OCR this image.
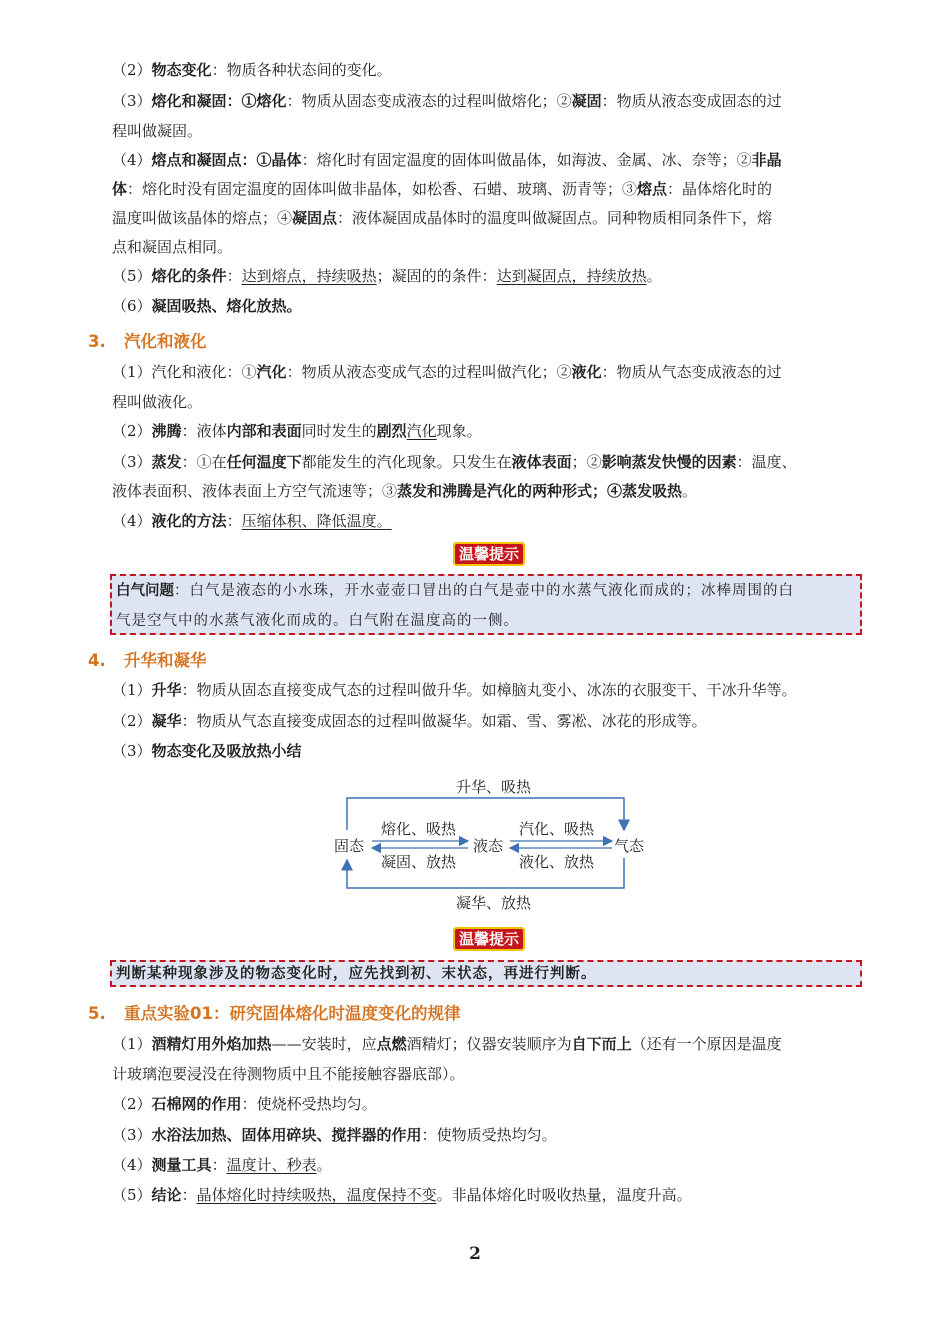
（2）物态变化：物质各种状态间的变化。
（3）熔化和凝固：①熔化：物质从固态变成液态的过程叫做熔化；②凝固：物质从液态变成固态的过
程叫做凝固。
（4）熔点和凝固点：①晶体：熔化时有固定温度的固体叫做晶体，如海波、金属、冰、奈等；②非晶
体：熔化时没有固定温度的固体叫做非晶体，如松香、石蜡、玻璃、沥青等；③熔点：晶体熔化时的
温度叫做该晶体的熔点；④凝固点：液体凝固成晶体时的温度叫做凝固点。同种物质相同条件下，熔
点和凝固点相同。
（5）熔化的条件：达到熔点，持续吸热；凝固的的条件：达到凝固点，持续放热。
（6）凝固吸热、熔化放热。
3. 汽化和液化
（1）汽化和液化：①汽化：物质从液态变成气态的过程叫做汽化；②液化：物质从气态变成液态的过
程叫做液化。
（2）沸腾：液体内部和表面同时发生的剧烈汽化现象。
（3）蒸发：①在任何温度下都能发生的汽化现象。只发生在液体表面；②影响蒸发快慢的因素：温度、
液体表面积、液体表面上方空气流速等；③蒸发和沸腾是汽化的两种形式；④蒸发吸热。
（4）液化的方法：压缩体积、降低温度。
温馨提示
白气问题：白气是液态的小水珠，开水壶壶口冒出的白气是壶中的水蒸气液化而成的；冰棒周围的白
气是空气中的水蒸气液化而成的。白气附在温度高的一侧。
4. 升华和凝华
（1）升华：物质从固态直接变成气态的过程叫做升华。如樟脑丸变小、冰冻的衣服变干、干冰升华等。
（2）凝华：物质从气态直接变成固态的过程叫做凝华。如霜、雪、雾凇、冰花的形成等。
（3）物态变化及吸放热小结
升华、吸热
固态	液态	气态
熔化、吸热
凝固、放热
汽化、吸热
液化、放热
凝华、放热
温馨提示
判断某种现象涉及的物态变化时，应先找到初、末状态，再进行判断。
5. 重点实验01：研究固体熔化时温度变化的规律
（1）酒精灯用外焰加热——安装时，应点燃酒精灯；仪器安装顺序为自下而上（还有一个原因是温度
计玻璃泡要浸没在待测物质中且不能接触容器底部）。
（2）石棉网的作用：使烧杯受热均匀。
（3）水浴法加热、固体用碎块、搅拌器的作用：使物质受热均匀。
（4）测量工具：温度计、秒表。
（5）结论：晶体熔化时持续吸热，温度保持不变。非晶体熔化时吸收热量，温度升高。
2
